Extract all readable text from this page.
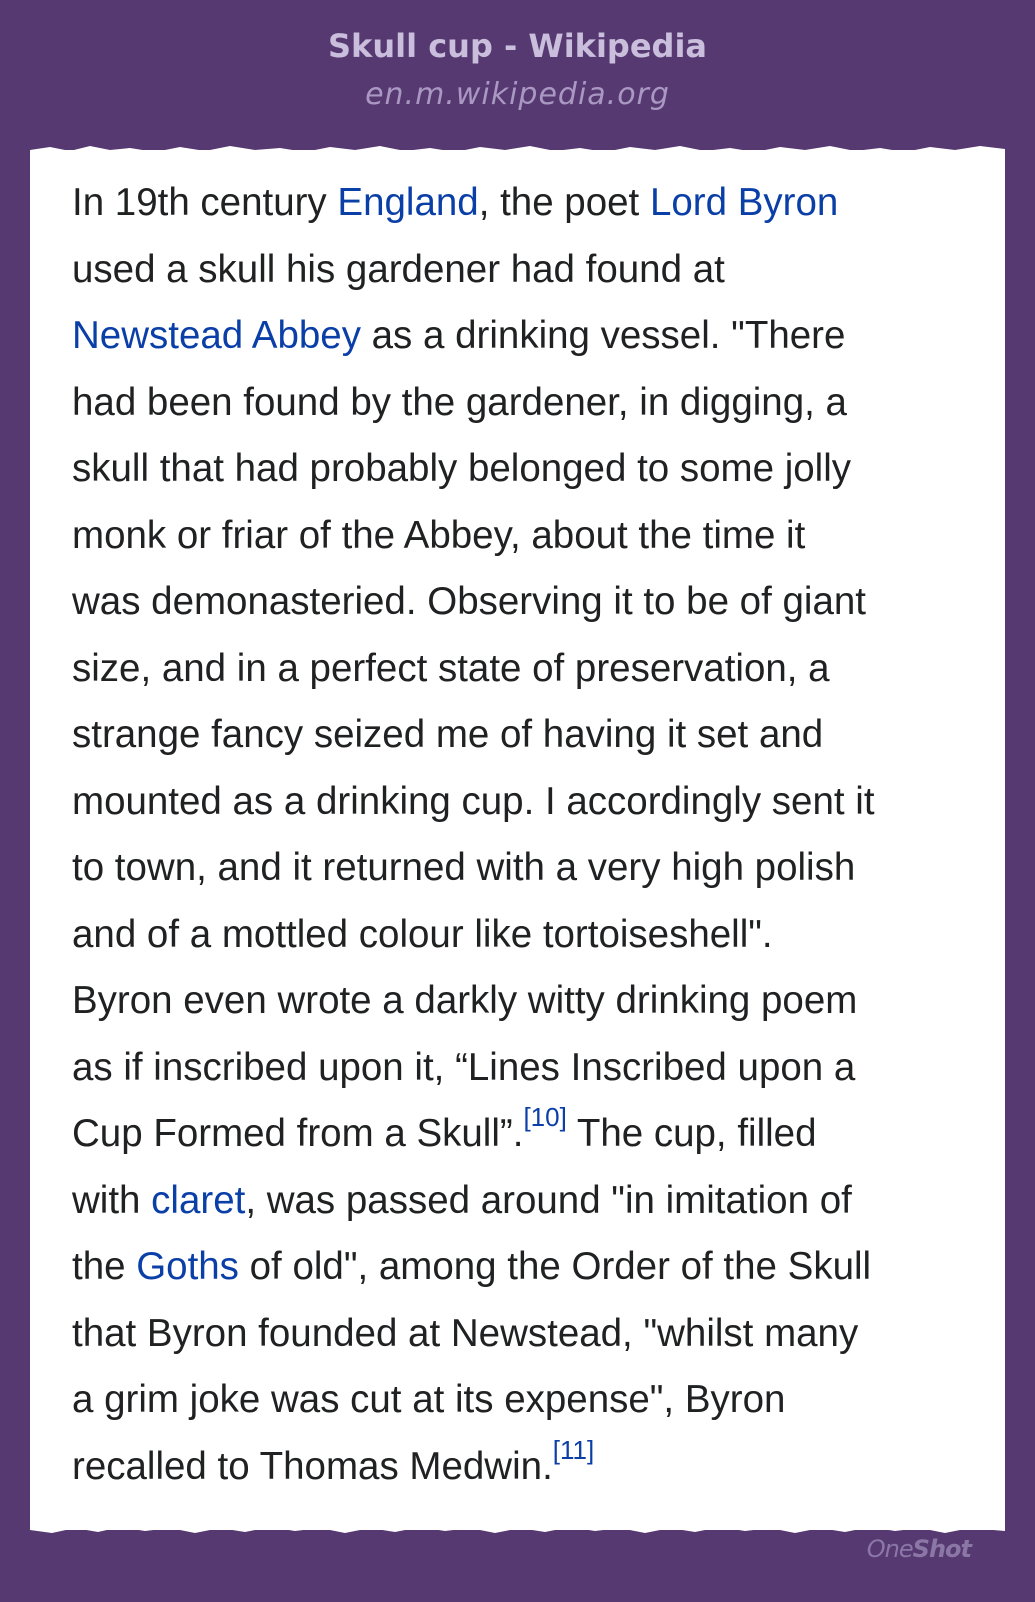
Skull cup - Wikipedia
en.m.wikipedia.org
In 19th century England, the poet Lord Byron
used a skull his gardener had found at
Newstead Abbey as a drinking vessel. "There
had been found by the gardener, in digging, a
skull that had probably belonged to some jolly
monk or friar of the Abbey, about the time it
was demonasteried. Observing it to be of giant
size, and in a perfect state of preservation, a
strange fancy seized me of having it set and
mounted as a drinking cup. I accordingly sent it
to town, and it returned with a very high polish
and of a mottled colour like tortoiseshell".
Byron even wrote a darkly witty drinking poem
as if inscribed upon it, “Lines Inscribed upon a
Cup Formed from a Skull”.[10] The cup, filled
with claret, was passed around "in imitation of
the Goths of old", among the Order of the Skull
that Byron founded at Newstead, "whilst many
a grim joke was cut at its expense", Byron
recalled to Thomas Medwin.[11]
OneShot
